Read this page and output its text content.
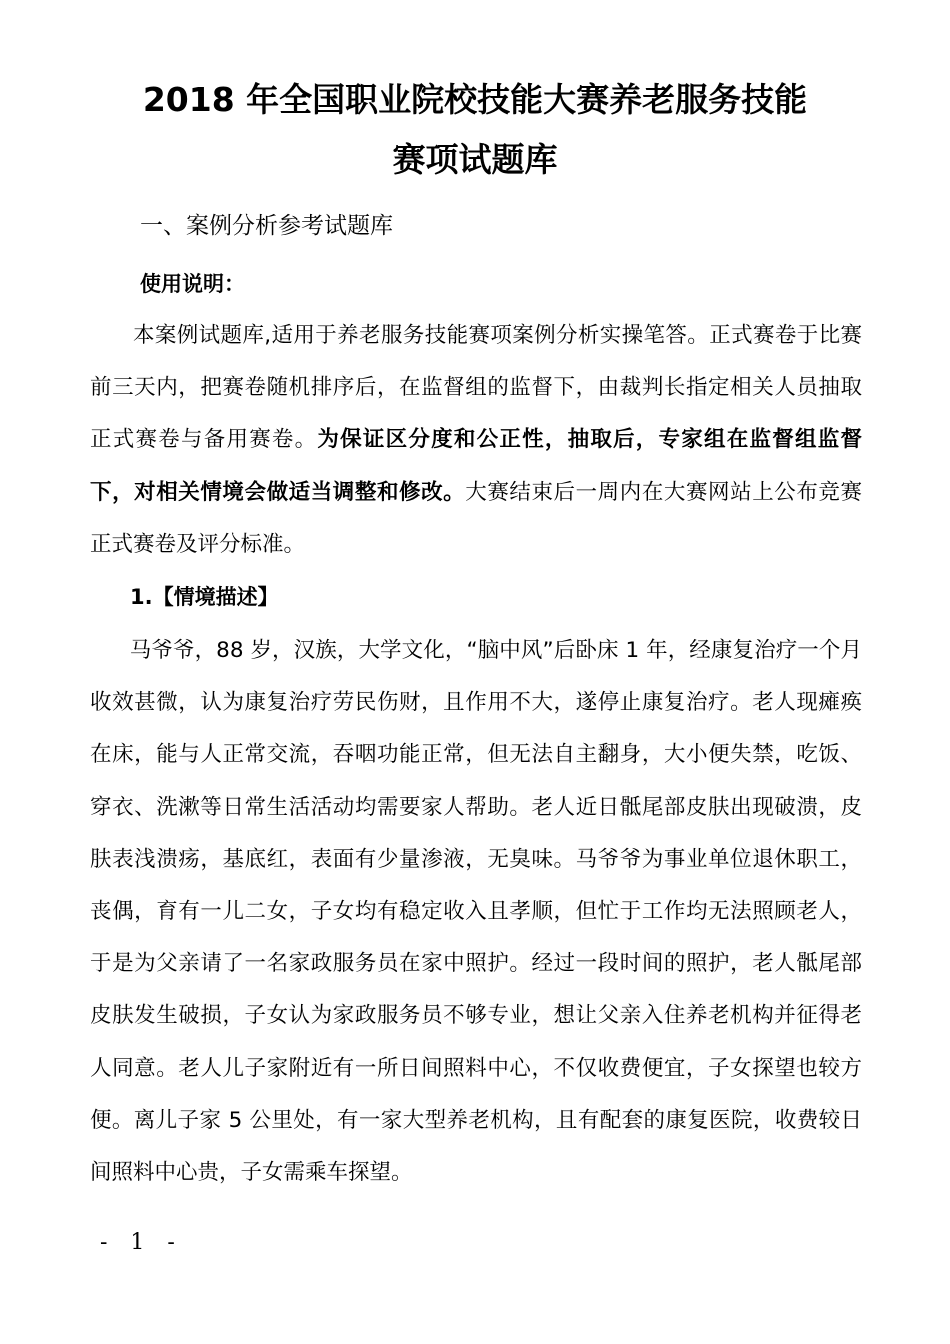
2018 年全国职业院校技能大赛养老服务技能
赛项试题库
一、案例分析参考试题库
使用说明：

本案例试题库,适用于养老服务技能赛项案例分析实操笔答。正式赛卷于比赛前三天内，把赛卷随机排序后，在监督组的监督下，由裁判长指定相关人员抽取正式赛卷与备用赛卷。为保证区分度和公正性，抽取后，专家组在监督组监督下，对相关情境会做适当调整和修改。大赛结束后一周内在大赛网站上公布竞赛正式赛卷及评分标准。

1.【情境描述】

马爷爷，88 岁，汉族，大学文化，“脑中风”后卧床 1 年，经康复治疗一个月收效甚微，认为康复治疗劳民伤财，且作用不大，遂停止康复治疗。老人现瘫痪在床，能与人正常交流，吞咽功能正常，但无法自主翻身，大小便失禁，吃饭、穿衣、洗漱等日常生活活动均需要家人帮助。老人近日骶尾部皮肤出现破溃，皮肤表浅溃疡，基底红，表面有少量渗液，无臭味。马爷爷为事业单位退休职工，丧偶，育有一儿二女，子女均有稳定收入且孝顺，但忙于工作均无法照顾老人，于是为父亲请了一名家政服务员在家中照护。经过一段时间的照护，老人骶尾部皮肤发生破损，子女认为家政服务员不够专业，想让父亲入住养老机构并征得老人同意。老人儿子家附近有一所日间照料中心，不仅收费便宜，子女探望也较方便。离儿子家 5 公里处，有一家大型养老机构，且有配套的康复医院，收费较日间照料中心贵，子女需乘车探望。

- 1 -
